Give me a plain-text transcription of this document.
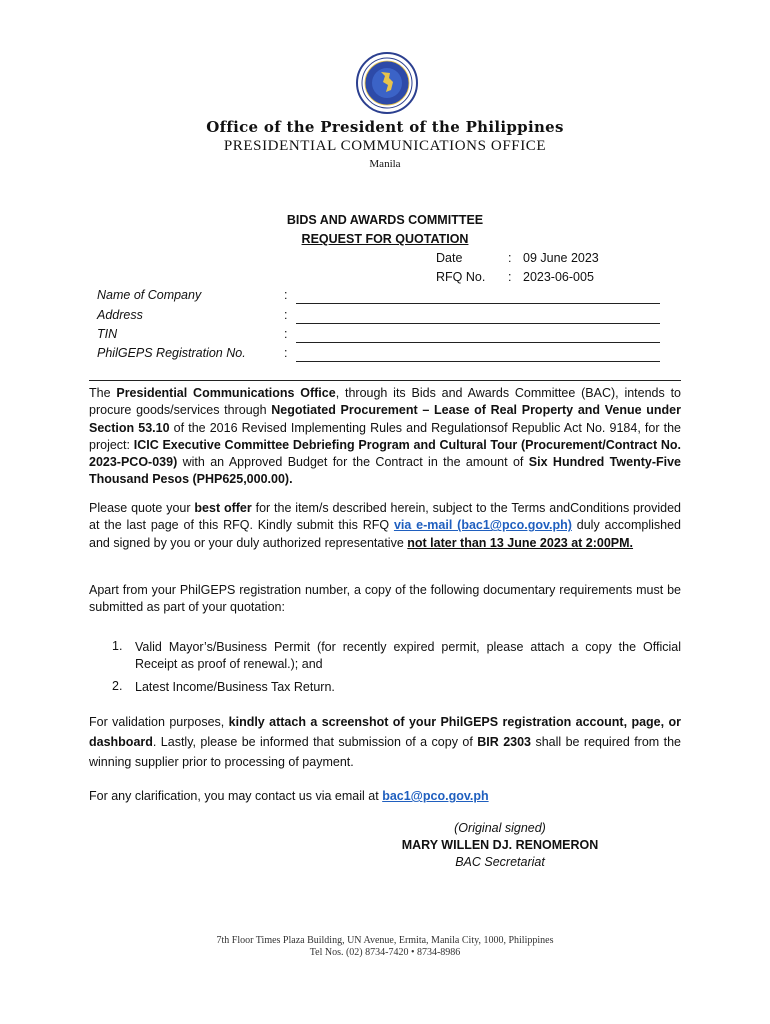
Office of the President of the Philippines
PRESIDENTIAL COMMUNICATIONS OFFICE
Manila
BIDS AND AWARDS COMMITTEE
REQUEST FOR QUOTATION
Date	: 09 June 2023
RFQ No. : 2023-06-005
Name of Company	:
Address	:
TIN	:
PhilGEPS Registration No.	:
The Presidential Communications Office, through its Bids and Awards Committee (BAC), intends to procure goods/services through Negotiated Procurement – Lease of Real Property and Venue under Section 53.10 of the 2016 Revised Implementing Rules and Regulationsof Republic Act No. 9184, for the project: ICIC Executive Committee Debriefing Program and Cultural Tour (Procurement/Contract No. 2023-PCO-039) with an Approved Budget for the Contract in the amount of Six Hundred Twenty-Five Thousand Pesos (PHP625,000.00).
Please quote your best offer for the item/s described herein, subject to the Terms andConditions provided at the last page of this RFQ. Kindly submit this RFQ via e-mail (bac1@pco.gov.ph) duly accomplished and signed by you or your duly authorized representative not later than 13 June 2023 at 2:00PM.
Apart from your PhilGEPS registration number, a copy of the following documentary requirements must be submitted as part of your quotation:
1. Valid Mayor’s/Business Permit (for recently expired permit, please attach a copy the Official Receipt as proof of renewal.); and
2. Latest Income/Business Tax Return.
For validation purposes, kindly attach a screenshot of your PhilGEPS registration account, page, or dashboard. Lastly, please be informed that submission of a copy of BIR 2303 shall be required from the winning supplier prior to processing of payment.
For any clarification, you may contact us via email at bac1@pco.gov.ph
(Original signed)
MARY WILLEN DJ. RENOMERON
BAC Secretariat
7th Floor Times Plaza Building, UN Avenue, Ermita, Manila City, 1000, Philippines
Tel Nos. (02) 8734-7420 • 8734-8986
